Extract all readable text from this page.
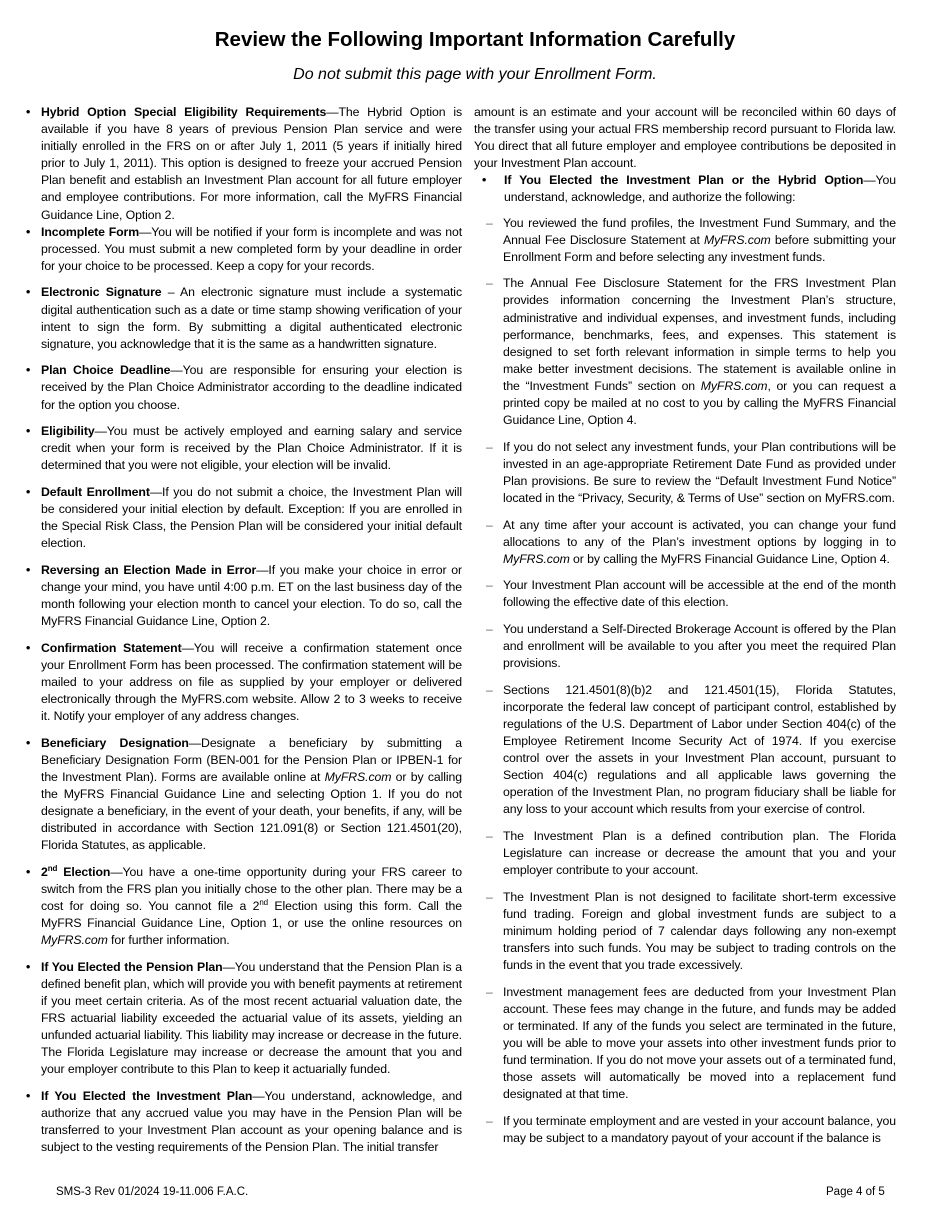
Review the Following Important Information Carefully
Do not submit this page with your Enrollment Form.
• Hybrid Option Special Eligibility Requirements—The Hybrid Option is available if you have 8 years of previous Pension Plan service and were initially enrolled in the FRS on or after July 1, 2011 (5 years if initially hired prior to July 1, 2011). This option is designed to freeze your accrued Pension Plan benefit and establish an Investment Plan account for all future employer and employee contributions. For more information, call the MyFRS Financial Guidance Line, Option 2.
• Incomplete Form—You will be notified if your form is incomplete and was not processed. You must submit a new completed form by your deadline in order for your choice to be processed. Keep a copy for your records.
• Electronic Signature – An electronic signature must include a systematic digital authentication such as a date or time stamp showing verification of your intent to sign the form. By submitting a digital authenticated electronic signature, you acknowledge that it is the same as a handwritten signature.
• Plan Choice Deadline—You are responsible for ensuring your election is received by the Plan Choice Administrator according to the deadline indicated for the option you choose.
• Eligibility—You must be actively employed and earning salary and service credit when your form is received by the Plan Choice Administrator. If it is determined that you were not eligible, your election will be invalid.
• Default Enrollment—If you do not submit a choice, the Investment Plan will be considered your initial election by default. Exception: If you are enrolled in the Special Risk Class, the Pension Plan will be considered your initial default election.
• Reversing an Election Made in Error—If you make your choice in error or change your mind, you have until 4:00 p.m. ET on the last business day of the month following your election month to cancel your election. To do so, call the MyFRS Financial Guidance Line, Option 2.
• Confirmation Statement—You will receive a confirmation statement once your Enrollment Form has been processed. The confirmation statement will be mailed to your address on file as supplied by your employer or delivered electronically through the MyFRS.com website. Allow 2 to 3 weeks to receive it. Notify your employer of any address changes.
• Beneficiary Designation—Designate a beneficiary by submitting a Beneficiary Designation Form (BEN-001 for the Pension Plan or IPBEN-1 for the Investment Plan). Forms are available online at MyFRS.com or by calling the MyFRS Financial Guidance Line and selecting Option 1. If you do not designate a beneficiary, in the event of your death, your benefits, if any, will be distributed in accordance with Section 121.091(8) or Section 121.4501(20), Florida Statutes, as applicable.
• 2nd Election—You have a one-time opportunity during your FRS career to switch from the FRS plan you initially chose to the other plan. There may be a cost for doing so. You cannot file a 2nd Election using this form. Call the MyFRS Financial Guidance Line, Option 1, or use the online resources on MyFRS.com for further information.
• If You Elected the Pension Plan—You understand that the Pension Plan is a defined benefit plan, which will provide you with benefit payments at retirement if you meet certain criteria. As of the most recent actuarial valuation date, the FRS actuarial liability exceeded the actuarial value of its assets, yielding an unfunded actuarial liability. This liability may increase or decrease in the future. The Florida Legislature may increase or decrease the amount that you and your employer contribute to this Plan to keep it actuarially funded.
• If You Elected the Investment Plan—You understand, acknowledge, and authorize that any accrued value you may have in the Pension Plan will be transferred to your Investment Plan account as your opening balance and is subject to the vesting requirements of the Pension Plan. The initial transfer

amount is an estimate and your account will be reconciled within 60 days of the transfer using your actual FRS membership record pursuant to Florida law. You direct that all future employer and employee contributions be deposited in your Investment Plan account.

• If You Elected the Investment Plan or the Hybrid Option—You understand, acknowledge, and authorize the following:
– You reviewed the fund profiles, the Investment Fund Summary, and the Annual Fee Disclosure Statement at MyFRS.com before submitting your Enrollment Form and before selecting any investment funds.
– The Annual Fee Disclosure Statement for the FRS Investment Plan provides information concerning the Investment Plan’s structure, administrative and individual expenses, and investment funds, including performance, benchmarks, fees, and expenses. This statement is designed to set forth relevant information in simple terms to help you make better investment decisions. The statement is available online in the “Investment Funds” section on MyFRS.com, or you can request a printed copy be mailed at no cost to you by calling the MyFRS Financial Guidance Line, Option 4.
– If you do not select any investment funds, your Plan contributions will be invested in an age-appropriate Retirement Date Fund as provided under Plan provisions. Be sure to review the “Default Investment Fund Notice” located in the “Privacy, Security, & Terms of Use” section on MyFRS.com.
– At any time after your account is activated, you can change your fund allocations to any of the Plan’s investment options by logging in to MyFRS.com or by calling the MyFRS Financial Guidance Line, Option 4.
– Your Investment Plan account will be accessible at the end of the month following the effective date of this election.
– You understand a Self-Directed Brokerage Account is offered by the Plan and enrollment will be available to you after you meet the required Plan provisions.
– Sections 121.4501(8)(b)2 and 121.4501(15), Florida Statutes, incorporate the federal law concept of participant control, established by regulations of the U.S. Department of Labor under Section 404(c) of the Employee Retirement Income Security Act of 1974. If you exercise control over the assets in your Investment Plan account, pursuant to Section 404(c) regulations and all applicable laws governing the operation of the Investment Plan, no program fiduciary shall be liable for any loss to your account which results from your exercise of control.
– The Investment Plan is a defined contribution plan. The Florida Legislature can increase or decrease the amount that you and your employer contribute to your account.
– The Investment Plan is not designed to facilitate short-term excessive fund trading. Foreign and global investment funds are subject to a minimum holding period of 7 calendar days following any non-exempt transfers into such funds. You may be subject to trading controls on the funds in the event that you trade excessively.
– Investment management fees are deducted from your Investment Plan account. These fees may change in the future, and funds may be added or terminated. If any of the funds you select are terminated in the future, you will be able to move your assets into other investment funds prior to fund termination. If you do not move your assets out of a terminated fund, those assets will automatically be moved into a replacement fund designated at that time.
– If you terminate employment and are vested in your account balance, you may be subject to a mandatory payout of your account if the balance is
SMS-3 Rev 01/2024 19-11.006 F.A.C.	Page 4 of 5
